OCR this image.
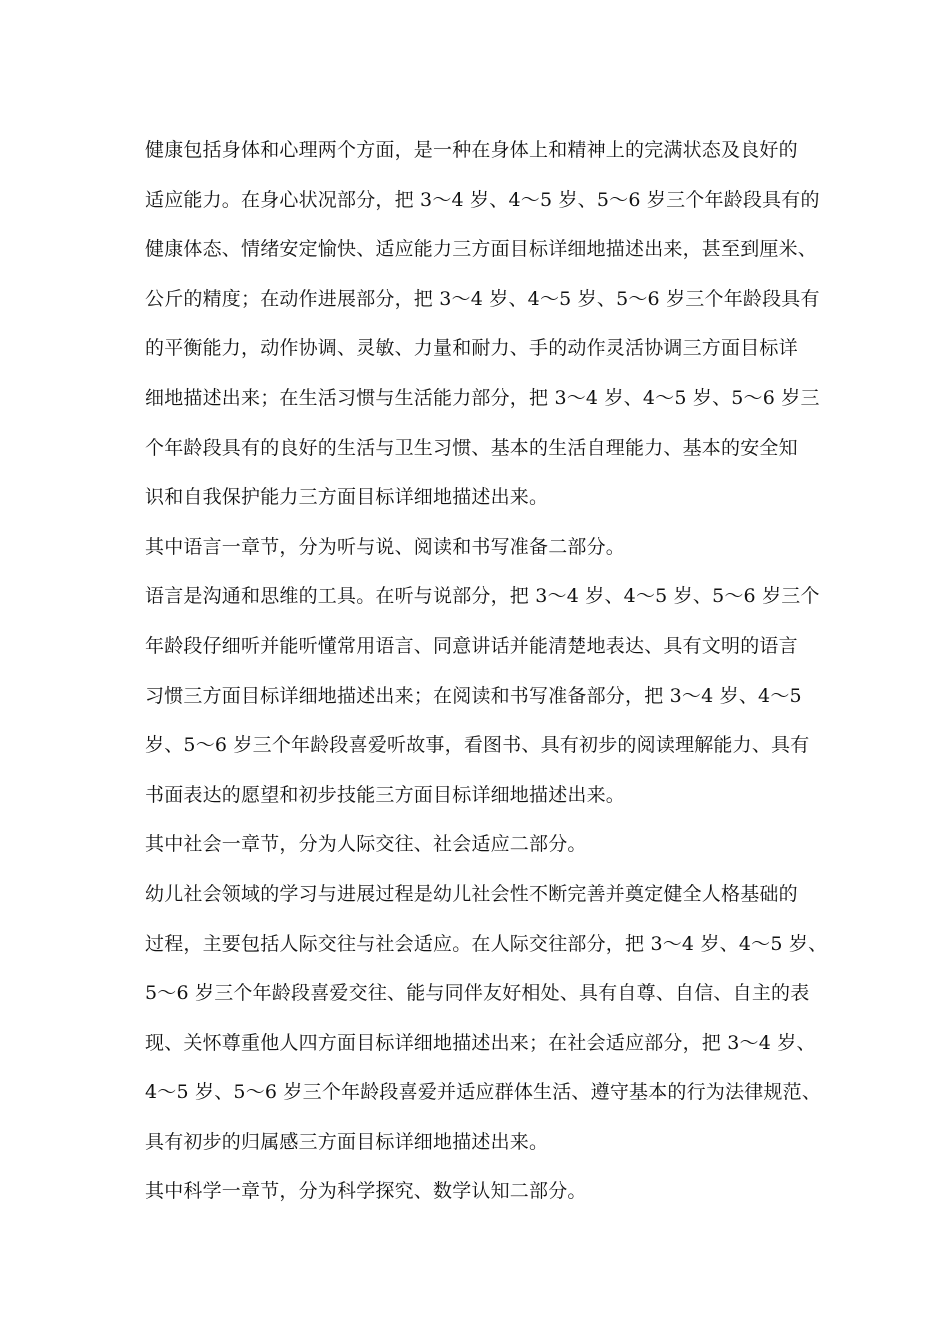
健康包括身体和心理两个方面，是一种在身体上和精神上的完满状态及良好的
适应能力。在身心状况部分，把 3～4 岁、4～5 岁、5～6 岁三个年龄段具有的
健康体态、情绪安定愉快、适应能力三方面目标详细地描述出来，甚至到厘米、
公斤的精度；在动作进展部分，把 3～4 岁、4～5 岁、5～6 岁三个年龄段具有
的平衡能力，动作协调、灵敏、力量和耐力、手的动作灵活协调三方面目标详
细地描述出来；在生活习惯与生活能力部分，把 3～4 岁、4～5 岁、5～6 岁三
个年龄段具有的良好的生活与卫生习惯、基本的生活自理能力、基本的安全知
识和自我保护能力三方面目标详细地描述出来。
其中语言一章节，分为听与说、阅读和书写准备二部分。
语言是沟通和思维的工具。在听与说部分，把 3～4 岁、4～5 岁、5～6 岁三个
年龄段仔细听并能听懂常用语言、同意讲话并能清楚地表达、具有文明的语言
习惯三方面目标详细地描述出来；在阅读和书写准备部分，把 3～4 岁、4～5
岁、5～6 岁三个年龄段喜爱听故事，看图书、具有初步的阅读理解能力、具有
书面表达的愿望和初步技能三方面目标详细地描述出来。
其中社会一章节，分为人际交往、社会适应二部分。
幼儿社会领域的学习与进展过程是幼儿社会性不断完善并奠定健全人格基础的
过程，主要包括人际交往与社会适应。在人际交往部分，把 3～4 岁、4～5 岁、
5～6 岁三个年龄段喜爱交往、能与同伴友好相处、具有自尊、自信、自主的表
现、关怀尊重他人四方面目标详细地描述出来；在社会适应部分，把 3～4 岁、
4～5 岁、5～6 岁三个年龄段喜爱并适应群体生活、遵守基本的行为法律规范、
具有初步的归属感三方面目标详细地描述出来。
其中科学一章节，分为科学探究、数学认知二部分。
